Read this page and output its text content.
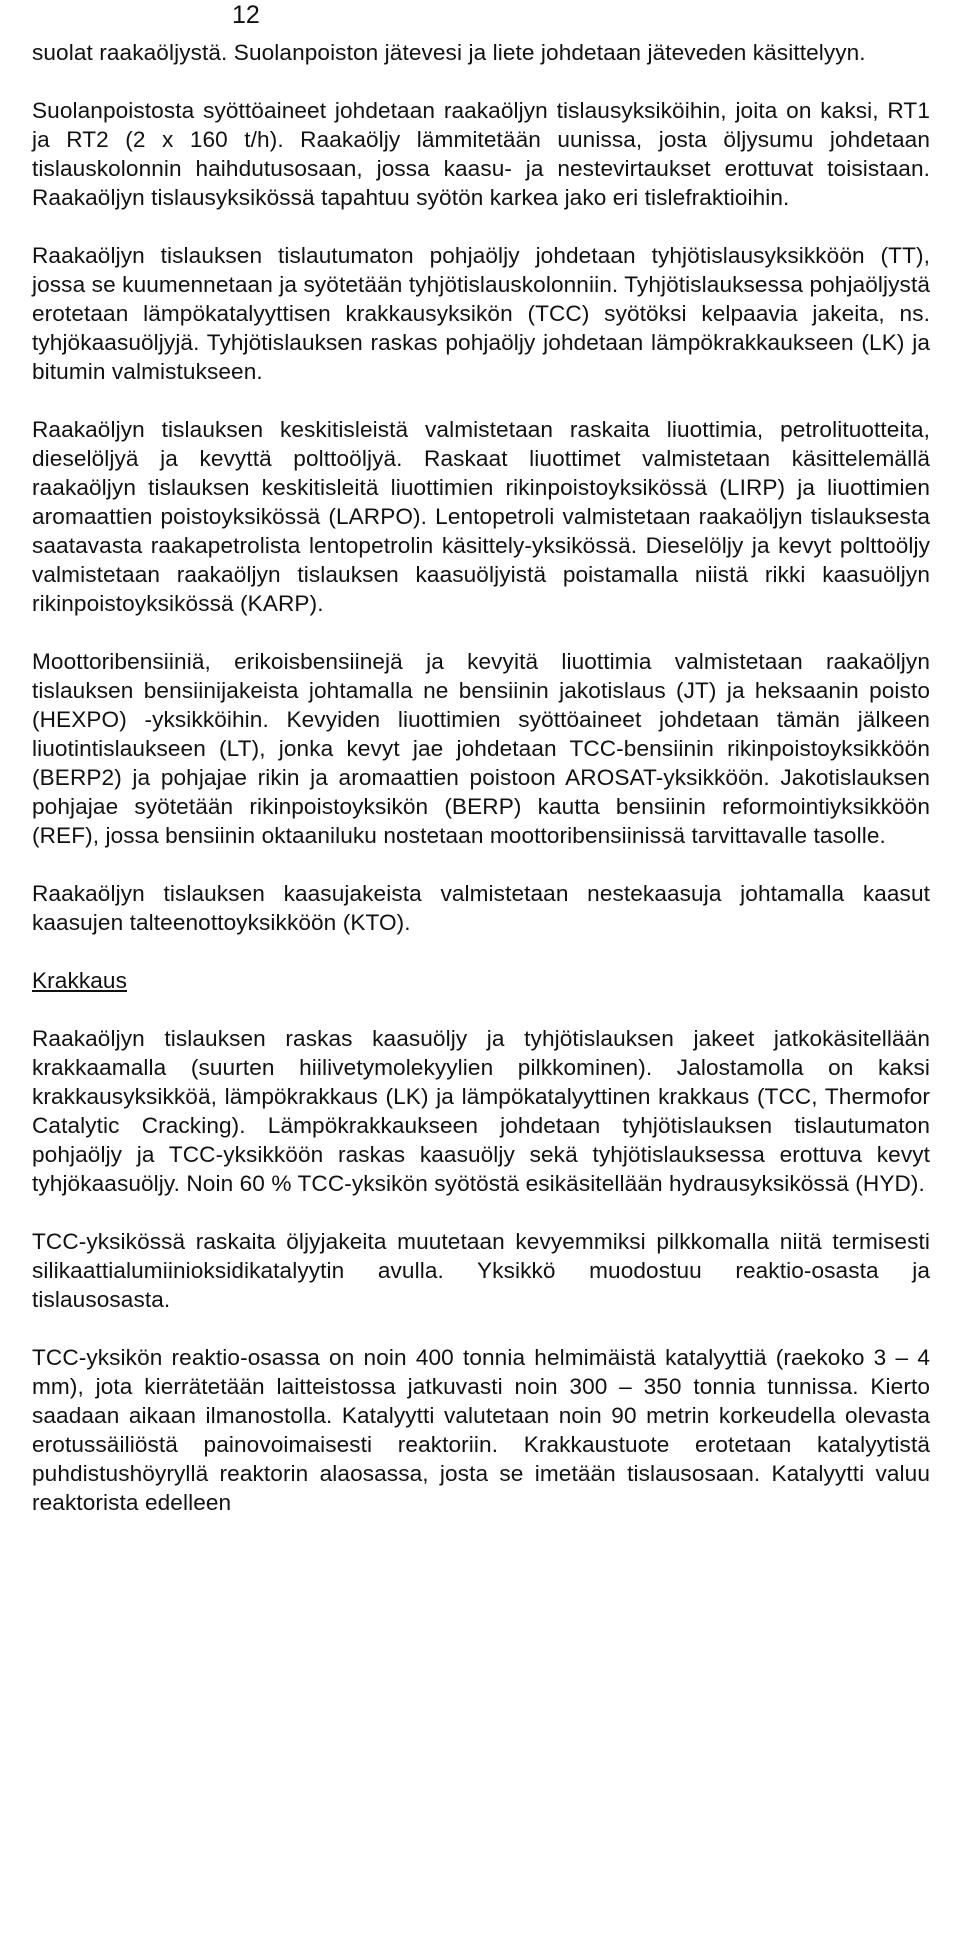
12

suolat raakaöljystä. Suolanpoiston jätevesi ja liete johdetaan jäteveden käsittelyyn.

Suolanpoistosta syöttöaineet johdetaan raakaöljyn tislausyksiköihin, joita on kaksi, RT1 ja RT2 (2 x 160 t/h). Raakaöljy lämmitetään uunissa, josta öljysumu johdetaan tislauskolonnin haihdutusosaan, jossa kaasu- ja nestevirtaukset erottuvat toisistaan. Raakaöljyn tislausyksikössä tapahtuu syötön karkea jako eri tislefraktioihin.

Raakaöljyn tislauksen tislautumaton pohjaöljy johdetaan tyhjötislausyksikköön (TT), jossa se kuumennetaan ja syötetään tyhjötislauskolonniin. Tyhjötislauksessa pohjaöljystä erotetaan lämpökatalyyttisen krakkausyksikön (TCC) syötöksi kelpaavia jakeita, ns. tyhjökaasuöljyjä. Tyhjötislauksen raskas pohjaöljy johdetaan lämpökrakkaukseen (LK) ja bitumin valmistukseen.

Raakaöljyn tislauksen keskitisleistä valmistetaan raskaita liuottimia, petrolituotteita, dieselöljyä ja kevyttä polttoöljyä. Raskaat liuottimet valmistetaan käsittelemällä raakaöljyn tislauksen keskitisleitä liuottimien rikinpoistoyksikössä (LIRP) ja liuottimien aromaattien poistoyksikössä (LARPO). Lentopetroli valmistetaan raakaöljyn tislauksesta saatavasta raakapetrolista lentopetrolin käsittely-yksikössä. Dieselöljy ja kevyt polttoöljy valmistetaan raakaöljyn tislauksen kaasuöljyistä poistamalla niistä rikki kaasuöljyn rikinpoistoyksikössä (KARP).

Moottoribensiiniä, erikoisbensiinejä ja kevyitä liuottimia valmistetaan raakaöljyn tislauksen bensiinijakeista johtamalla ne bensiinin jakotislaus (JT) ja heksaanin poisto (HEXPO) -yksikköihin. Kevyiden liuottimien syöttöaineet johdetaan tämän jälkeen liuotintislaukseen (LT), jonka kevyt jae johdetaan TCC-bensiinin rikinpoistoyksikköön (BERP2) ja pohjajae rikin ja aromaattien poistoon AROSAT-yksikköön. Jakotislauksen pohjajae syötetään rikinpoistoyksikön (BERP) kautta bensiinin reformointiyksikköön (REF), jossa bensiinin oktaaniluku nostetaan moottoribensiinissä tarvittavalle tasolle.

Raakaöljyn tislauksen kaasujakeista valmistetaan nestekaasuja johtamalla kaasut kaasujen talteenottoyksikköön (KTO).

Krakkaus

Raakaöljyn tislauksen raskas kaasuöljy ja tyhjötislauksen jakeet jatkokäsitellään krakkaamalla (suurten hiilivetymolekyylien pilkkominen). Jalostamolla on kaksi krakkausyksikköä, lämpökrakkaus (LK) ja lämpökatalyyttinen krakkaus (TCC, Thermofor Catalytic Cracking). Lämpökrakkaukseen johdetaan tyhjötislauksen tislautumaton pohjaöljy ja TCC-yksikköön raskas kaasuöljy sekä tyhjötislauksessa erottuva kevyt tyhjökaasuöljy. Noin 60 % TCC-yksikön syötöstä esikäsitellään hydrausyksikössä (HYD).

TCC-yksikössä raskaita öljyjakeita muutetaan kevyemmiksi pilkkomalla niitä termisesti silikaattialumiinioksidikatalyytin avulla. Yksikkö muodostuu reaktio-osasta ja tislausosasta.

TCC-yksikön reaktio-osassa on noin 400 tonnia helmimäistä katalyyttiä (raekoko 3 – 4 mm), jota kierrätetään laitteistossa jatkuvasti noin 300 – 350 tonnia tunnissa. Kierto saadaan aikaan ilmanostolla. Katalyytti valutetaan noin 90 metrin korkeudella olevasta erotussäiliöstä painovoimaisesti reaktoriin. Krakkaustuote erotetaan katalyytistä puhdistushöyryllä reaktorin alaosassa, josta se imetään tislausosaan. Katalyytti valuu reaktorista edelleen
